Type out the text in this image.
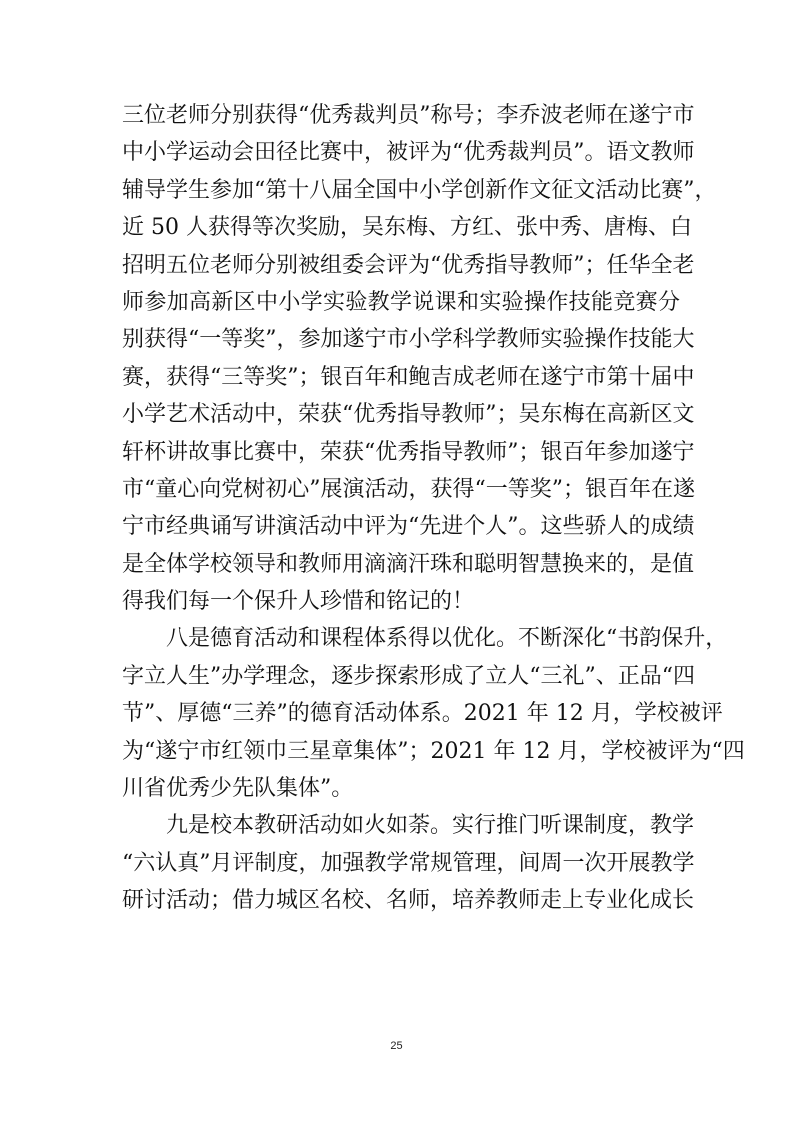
三位老师分别获得“优秀裁判员”称号；李乔波老师在遂宁市
中小学运动会田径比赛中，被评为“优秀裁判员”。语文教师
辅导学生参加“第十八届全国中小学创新作文征文活动比赛”，
近 50 人获得等次奖励，吴东梅、方红、张中秀、唐梅、白
招明五位老师分别被组委会评为“优秀指导教师”；任华全老
师参加高新区中小学实验教学说课和实验操作技能竞赛分
别获得“一等奖”，参加遂宁市小学科学教师实验操作技能大
赛，获得“三等奖”；银百年和鲍吉成老师在遂宁市第十届中
小学艺术活动中，荣获“优秀指导教师”；吴东梅在高新区文
轩杯讲故事比赛中，荣获“优秀指导教师”；银百年参加遂宁
市“童心向党树初心”展演活动，获得“一等奖”；银百年在遂
宁市经典诵写讲演活动中评为“先进个人”。这些骄人的成绩
是全体学校领导和教师用滴滴汗珠和聪明智慧换来的，是值
得我们每一个保升人珍惜和铭记的！
八是德育活动和课程体系得以优化。不断深化“书韵保升，
字立人生”办学理念，逐步探索形成了立人“三礼”、正品“四
节”、厚德“三养”的德育活动体系。2021 年 12 月，学校被评
为“遂宁市红领巾三星章集体”；2021 年 12 月，学校被评为“四
川省优秀少先队集体”。
九是校本教研活动如火如荼。实行推门听课制度，教学
“六认真”月评制度，加强教学常规管理，间周一次开展教学
研讨活动；借力城区名校、名师，培养教师走上专业化成长
25
